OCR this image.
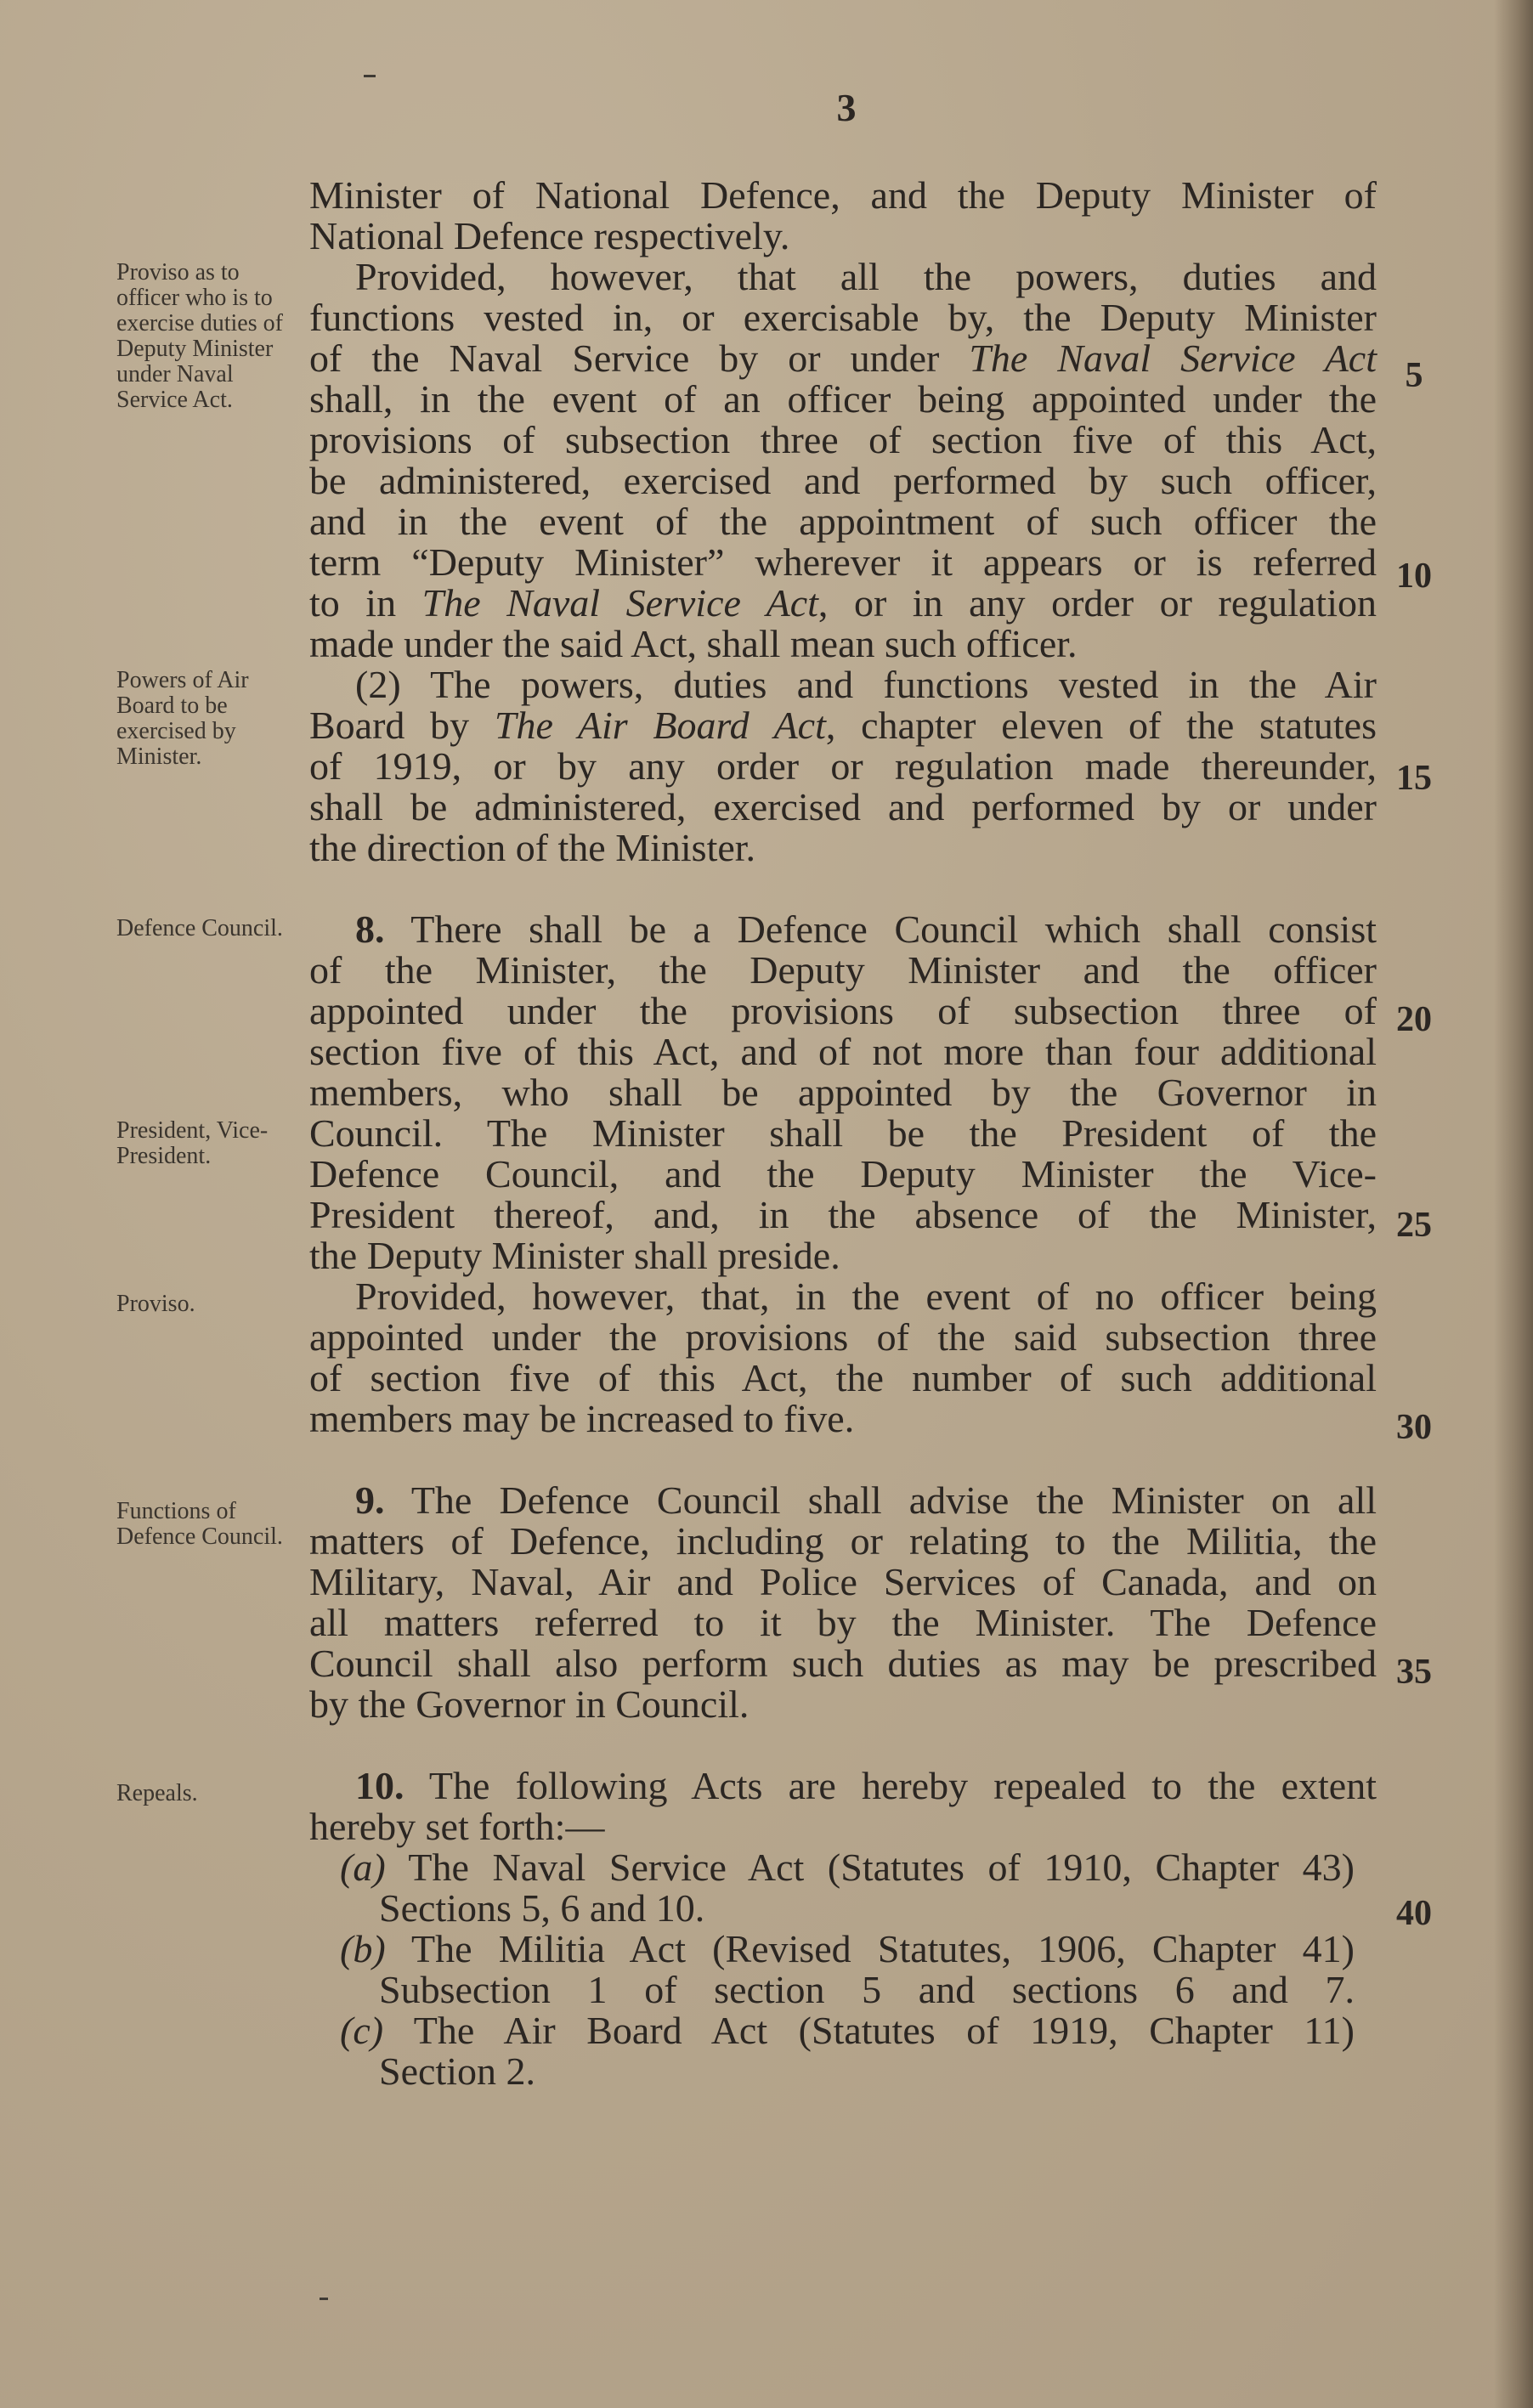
3
Proviso as to officer who is to exercise duties of Deputy Minister under Naval Service Act.
Powers of Air Board to be exercised by Minister.
Defence Council.
President, Vice-President.
Proviso.
Functions of Defence Council.
Repeals.

Minister of National Defence, and the Deputy Minister of

National Defence respectively.

Provided, however, that all the powers, duties and

functions vested in, or exercisable by, the Deputy Minister

of the Naval Service by or under The Naval Service Act

shall, in the event of an officer being appointed under the

provisions of subsection three of section five of this Act,

be administered, exercised and performed by such officer,

and in the event of the appointment of such officer the

term “Deputy Minister” wherever it appears or is referred

to in The Naval Service Act, or in any order or regulation

made under the said Act, shall mean such officer.

(2) The powers, duties and functions vested in the Air

Board by The Air Board Act, chapter eleven of the statutes

of 1919, or by any order or regulation made thereunder,

shall be administered, exercised and performed by or under

the direction of the Minister.

8. There shall be a Defence Council which shall consist

of the Minister, the Deputy Minister and the officer

appointed under the provisions of subsection three of

section five of this Act, and of not more than four additional

members, who shall be appointed by the Governor in

Council. The Minister shall be the President of the

Defence Council, and the Deputy Minister the Vice-

President thereof, and, in the absence of the Minister,

the Deputy Minister shall preside.

Provided, however, that, in the event of no officer being

appointed under the provisions of the said subsection three

of section five of this Act, the number of such additional

members may be increased to five.

9. The Defence Council shall advise the Minister on all

matters of Defence, including or relating to the Militia, the

Military, Naval, Air and Police Services of Canada, and on

all matters referred to it by the Minister. The Defence

Council shall also perform such duties as may be prescribed

by the Governor in Council.

10. The following Acts are hereby repealed to the extent

hereby set forth:—

(a) The Naval Service Act (Statutes of 1910, Chapter 43)

Sections 5, 6 and 10.

(b) The Militia Act (Revised Statutes, 1906, Chapter 41)

Subsection 1 of section 5 and sections 6 and 7.

(c) The Air Board Act (Statutes of 1919, Chapter 11)

Section 2.

5
10
15
20
25
30
35
40
